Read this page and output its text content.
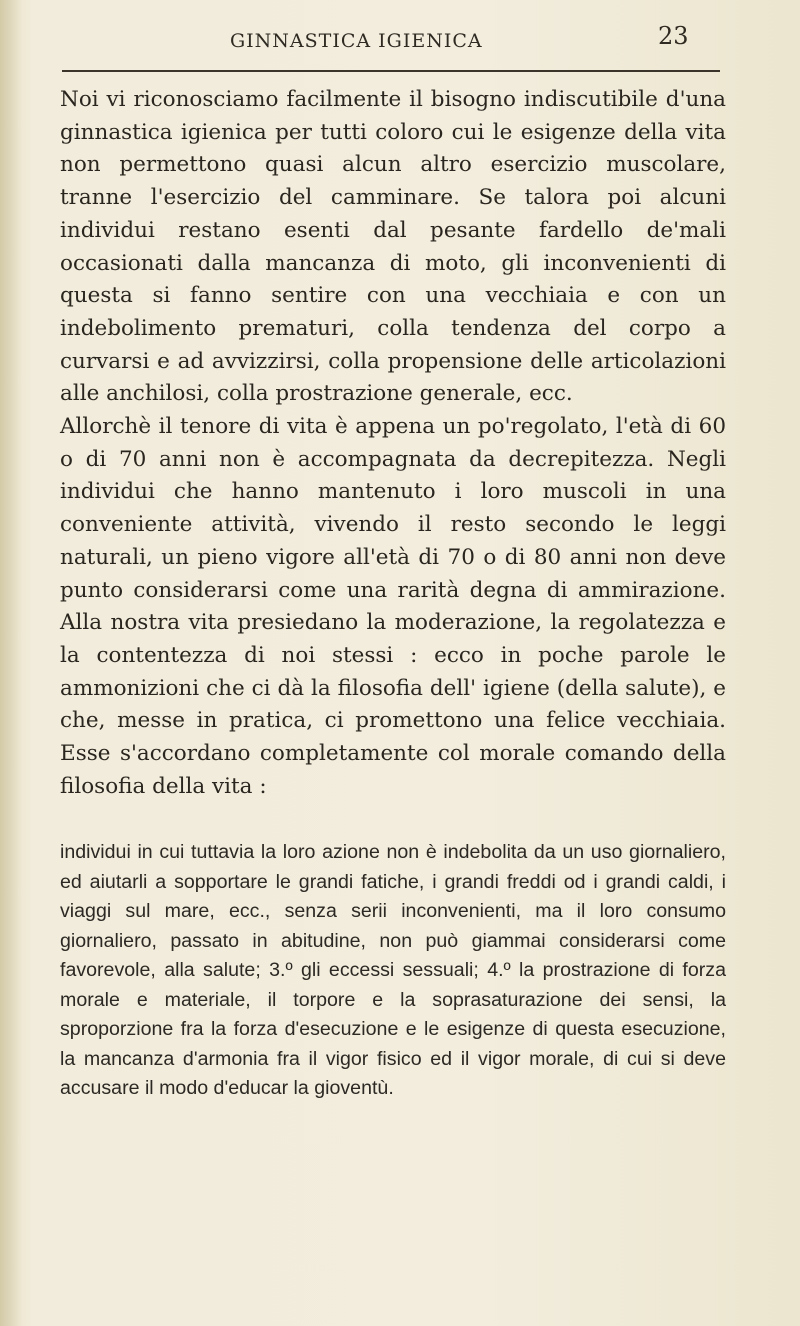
GINNASTICA IGIENICA	23

Noi vi riconosciamo facilmente il bisogno indiscutibile d'una ginnastica igienica per tutti coloro cui le esigenze della vita non permettono quasi alcun altro esercizio muscolare, tranne l'esercizio del camminare. Se talora poi alcuni individui restano esenti dal pesante fardello de'mali occasionati dalla mancanza di moto, gli inconvenienti di questa si fanno sentire con una vecchiaia e con un indebolimento prematuri, colla tendenza del corpo a curvarsi e ad avvizzirsi, colla propensione delle articolazioni alle anchilosi, colla prostrazione generale, ecc.

Allorchè il tenore di vita è appena un po'regolato, l'età di 60 o di 70 anni non è accompagnata da decrepitezza. Negli individui che hanno mantenuto i loro muscoli in una conveniente attività, vivendo il resto secondo le leggi naturali, un pieno vigore all'età di 70 o di 80 anni non deve punto considerarsi come una rarità degna di ammirazione. Alla nostra vita presiedano la moderazione, la regolatezza e la contentezza di noi stessi : ecco in poche parole le ammonizioni che ci dà la filosofia dell' igiene (della salute), e che, messe in pratica, ci promettono una felice vecchiaia. Esse s'accordano completamente col morale comando della filosofia della vita :

individui in cui tuttavia la loro azione non è indebolita da un uso giornaliero, ed aiutarli a sopportare le grandi fatiche, i grandi freddi od i grandi caldi, i viaggi sul mare, ecc., senza serii inconvenienti, ma il loro consumo giornaliero, passato in abitudine, non può giammai considerarsi come favorevole, alla salute; 3.º gli eccessi sessuali; 4.º la prostrazione di forza morale e materiale, il torpore e la soprasaturazione dei sensi, la sproporzione fra la forza d'esecuzione e le esigenze di questa esecuzione, la mancanza d'armonia fra il vigor fisico ed il vigor morale, di cui si deve accusare il modo d'educar la gioventù.
